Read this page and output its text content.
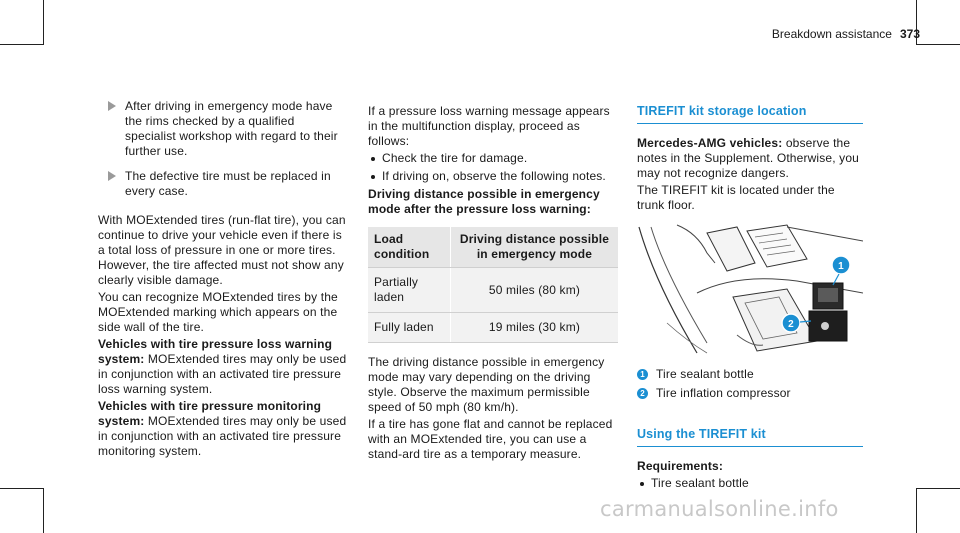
Breakdown assistance 373
After driving in emergency mode have the rims checked by a qualified specialist workshop with regard to their further use.
The defective tire must be replaced in every case.

With MOExtended tires (run-flat tire), you can continue to drive your vehicle even if there is a total loss of pressure in one or more tires. However, the tire affected must not show any clearly visible damage.

You can recognize MOExtended tires by the MOExtended marking which appears on the side wall of the tire.

Vehicles with tire pressure loss warning system: MOExtended tires may only be used in conjunction with an activated tire pressure loss warning system.

Vehicles with tire pressure monitoring system: MOExtended tires may only be used in conjunction with an activated tire pressure monitoring system.

If a pressure loss warning message appears in the multifunction display, proceed as follows:

Check the tire for damage.
If driving on, observe the following notes.

Driving distance possible in emergency mode after the pressure loss warning:

Load condition	Driving distance possible in emergency mode
Partially laden	50 miles (80 km)
Fully laden	19 miles (30 km)

The driving distance possible in emergency mode may vary depending on the driving style. Observe the maximum permissible speed of 50 mph (80 km/h).

If a tire has gone flat and cannot be replaced with an MOExtended tire, you can use a stand-ard tire as a temporary measure.

TIREFIT kit storage location

Mercedes-AMG vehicles: observe the notes in the Supplement. Otherwise, you may not recognize dangers.

The TIREFIT kit is located under the trunk floor.

1
2
1 Tire sealant bottle
2 Tire inflation compressor
Using the TIREFIT kit

Requirements:

Tire sealant bottle
carmanualsonline.info
